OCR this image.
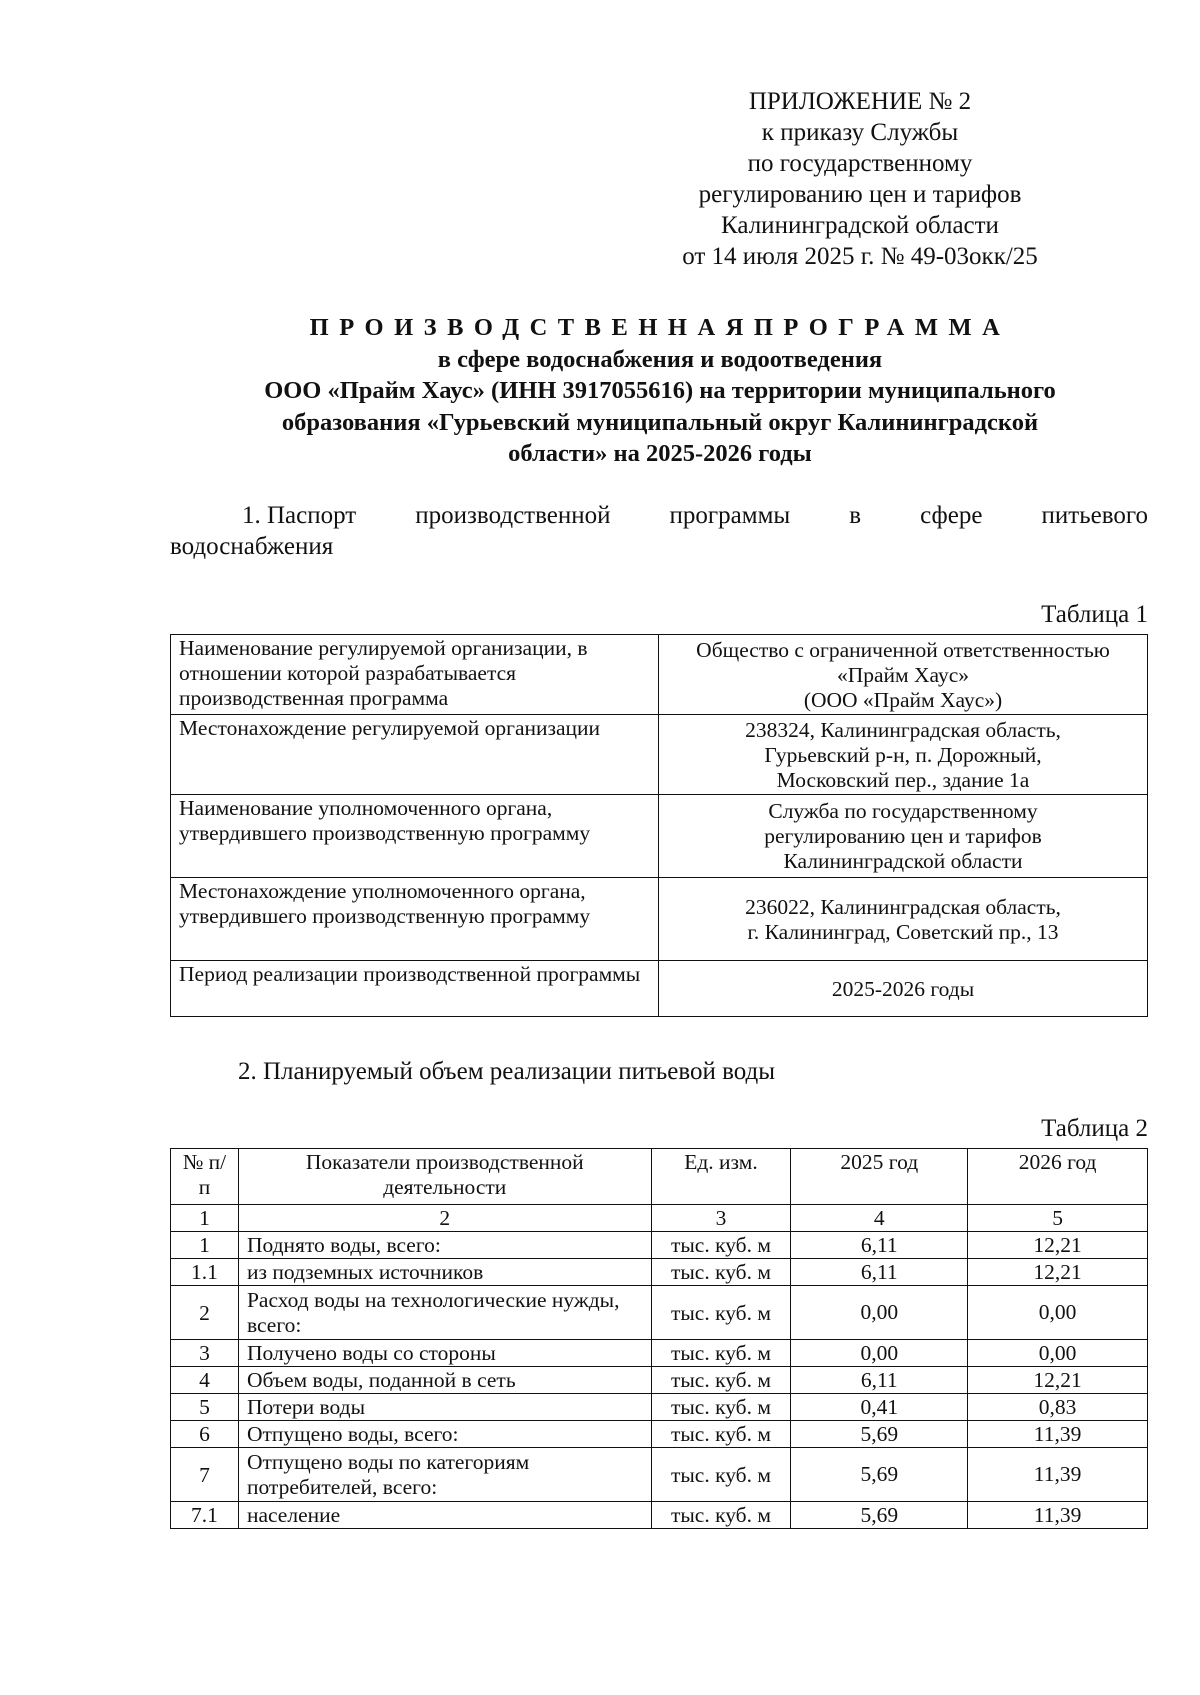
ПРИЛОЖЕНИЕ № 2
к приказу Службы
по государственному
регулированию цен и тарифов
Калининградской области
от 14 июля 2025 г. № 49-03окк/25
ПРОИЗВОДСТВЕННАЯПРОГРАММА
в сфере водоснабжения и водоотведения
ООО «Прайм Хаус» (ИНН 3917055616) на территории муниципального
образования «Гурьевский муниципальный округ Калининградской
области» на 2025-2026 годы
1. Паспорт производственной программы в сфере питьевого
водоснабжения
Таблица 1
Наименование регулируемой организации, в отношении которой разрабатывается производственная программа	Общество с ограниченной ответственностью
«Прайм Хаус»
(ООО «Прайм Хаус»)

Местонахождение регулируемой организации	238324, Калининградская область,
Гурьевский р-н, п. Дорожный,
Московский пер., здание 1а

Наименование уполномоченного органа, утвердившего производственную программу	Служба по государственному
регулированию цен и тарифов
Калининградской области

Местонахождение уполномоченного органа, утвердившего производственную программу	236022, Калининградская область,
г. Калининград, Советский пр., 13

Период реализации производственной программы	2025-2026 годы
2. Планируемый объем реализации питьевой воды
Таблица 2
№ п/п	Показатели производственной деятельности	Ед. изм.	2025 год	2026 год
1	2	3	4	5
1	Поднято воды, всего:	тыс. куб. м	6,11	12,21
1.1	из подземных источников	тыс. куб. м	6,11	12,21
2	Расход воды на технологические нужды, всего:	тыс. куб. м	0,00	0,00
3	Получено воды со стороны	тыс. куб. м	0,00	0,00
4	Объем воды, поданной в сеть	тыс. куб. м	6,11	12,21
5	Потери воды	тыс. куб. м	0,41	0,83
6	Отпущено воды, всего:	тыс. куб. м	5,69	11,39
7	Отпущено воды по категориям потребителей, всего:	тыс. куб. м	5,69	11,39
7.1	население	тыс. куб. м	5,69	11,39
